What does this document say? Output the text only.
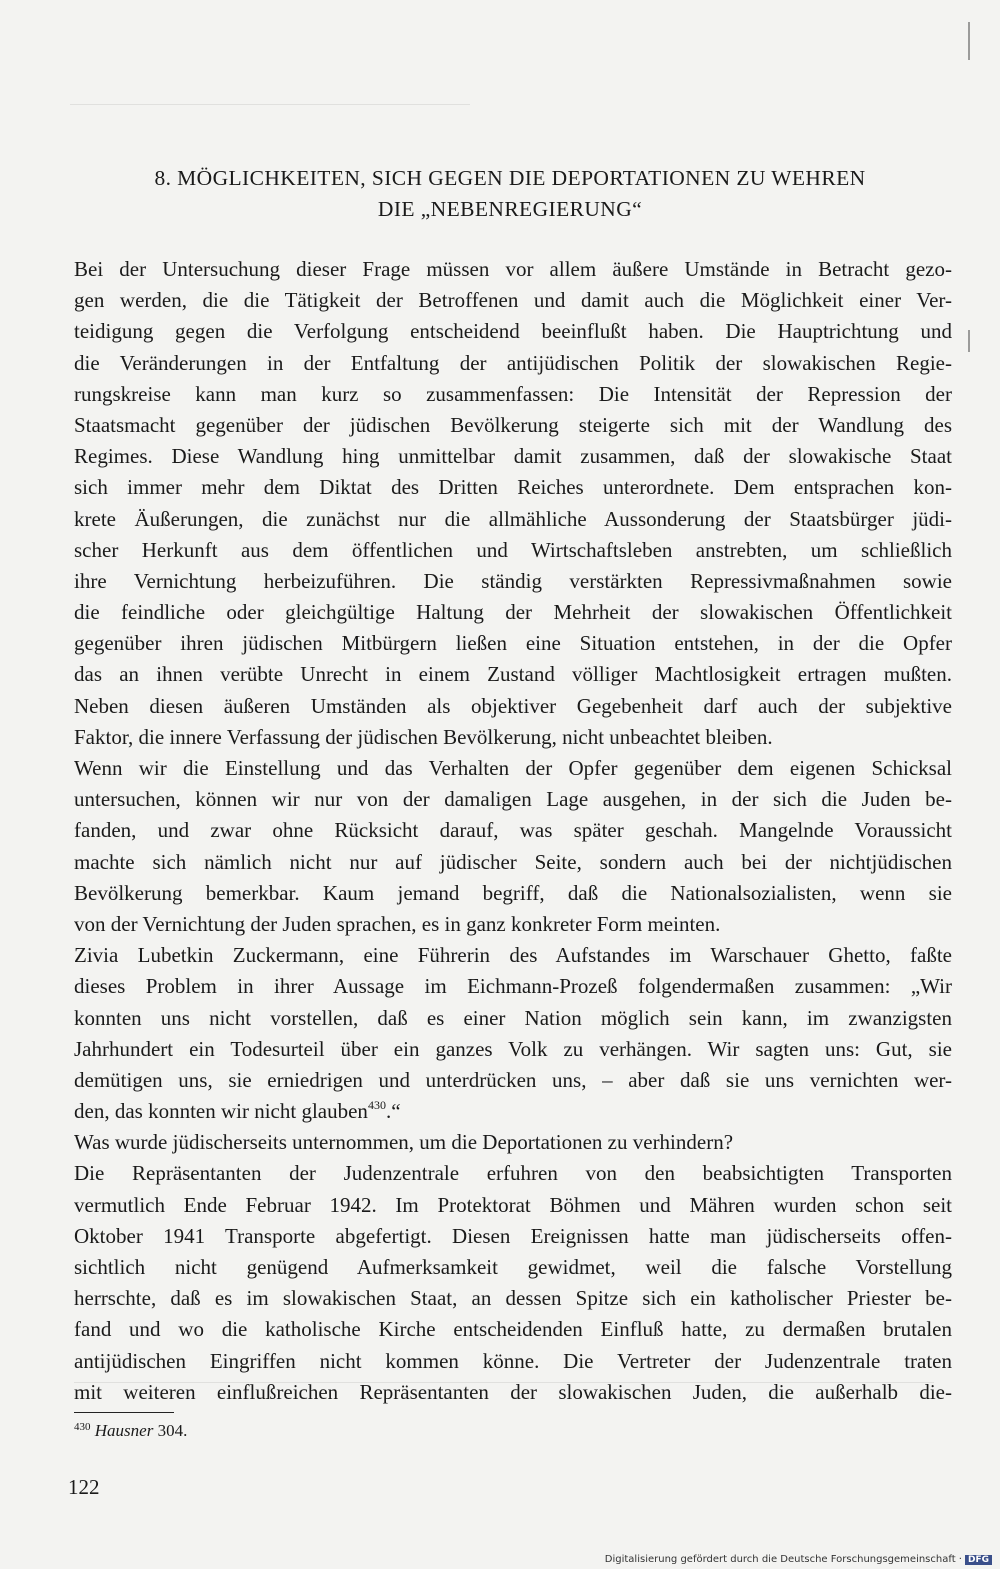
8. MÖGLICHKEITEN, SICH GEGEN DIE DEPORTATIONEN ZU WEHREN
DIE „NEBENREGIERUNG“
Bei der Untersuchung dieser Frage müssen vor allem äußere Umstände in Betracht gezo-
gen werden, die die Tätigkeit der Betroffenen und damit auch die Möglichkeit einer Ver-
teidigung gegen die Verfolgung entscheidend beeinflußt haben. Die Hauptrichtung und
die Veränderungen in der Entfaltung der antijüdischen Politik der slowakischen Regie-
rungskreise kann man kurz so zusammenfassen: Die Intensität der Repression der
Staatsmacht gegenüber der jüdischen Bevölkerung steigerte sich mit der Wandlung des
Regimes. Diese Wandlung hing unmittelbar damit zusammen, daß der slowakische Staat
sich immer mehr dem Diktat des Dritten Reiches unterordnete. Dem entsprachen kon-
krete Äußerungen, die zunächst nur die allmähliche Aussonderung der Staatsbürger jüdi-
scher Herkunft aus dem öffentlichen und Wirtschaftsleben anstrebten, um schließlich
ihre Vernichtung herbeizuführen. Die ständig verstärkten Repressivmaßnahmen sowie
die feindliche oder gleichgültige Haltung der Mehrheit der slowakischen Öffentlichkeit
gegenüber ihren jüdischen Mitbürgern ließen eine Situation entstehen, in der die Opfer
das an ihnen verübte Unrecht in einem Zustand völliger Machtlosigkeit ertragen mußten.
Neben diesen äußeren Umständen als objektiver Gegebenheit darf auch der subjektive
Faktor, die innere Verfassung der jüdischen Bevölkerung, nicht unbeachtet bleiben.
Wenn wir die Einstellung und das Verhalten der Opfer gegenüber dem eigenen Schicksal
untersuchen, können wir nur von der damaligen Lage ausgehen, in der sich die Juden be-
fanden, und zwar ohne Rücksicht darauf, was später geschah. Mangelnde Voraussicht
machte sich nämlich nicht nur auf jüdischer Seite, sondern auch bei der nichtjüdischen
Bevölkerung bemerkbar. Kaum jemand begriff, daß die Nationalsozialisten, wenn sie
von der Vernichtung der Juden sprachen, es in ganz konkreter Form meinten.
Zivia Lubetkin Zuckermann, eine Führerin des Aufstandes im Warschauer Ghetto, faßte
dieses Problem in ihrer Aussage im Eichmann-Prozeß folgendermaßen zusammen: „Wir
konnten uns nicht vorstellen, daß es einer Nation möglich sein kann, im zwanzigsten
Jahrhundert ein Todesurteil über ein ganzes Volk zu verhängen. Wir sagten uns: Gut, sie
demütigen uns, sie erniedrigen und unterdrücken uns, – aber daß sie uns vernichten wer-
den, das konnten wir nicht glauben$^{430}$.“
Was wurde jüdischerseits unternommen, um die Deportationen zu verhindern?
Die Repräsentanten der Judenzentrale erfuhren von den beabsichtigten Transporten
vermutlich Ende Februar 1942. Im Protektorat Böhmen und Mähren wurden schon seit
Oktober 1941 Transporte abgefertigt. Diesen Ereignissen hatte man jüdischerseits offen-
sichtlich nicht genügend Aufmerksamkeit gewidmet, weil die falsche Vorstellung
herrschte, daß es im slowakischen Staat, an dessen Spitze sich ein katholischer Priester be-
fand und wo die katholische Kirche entscheidenden Einfluß hatte, zu dermaßen brutalen
antijüdischen Eingriffen nicht kommen könne. Die Vertreter der Judenzentrale traten
mit weiteren einflußreichen Repräsentanten der slowakischen Juden, die außerhalb die-
$^{430}$ Hausner 304.
122
Digitalisierung gefördert durch die Deutsche Forschungsgemeinschaft · DFG
